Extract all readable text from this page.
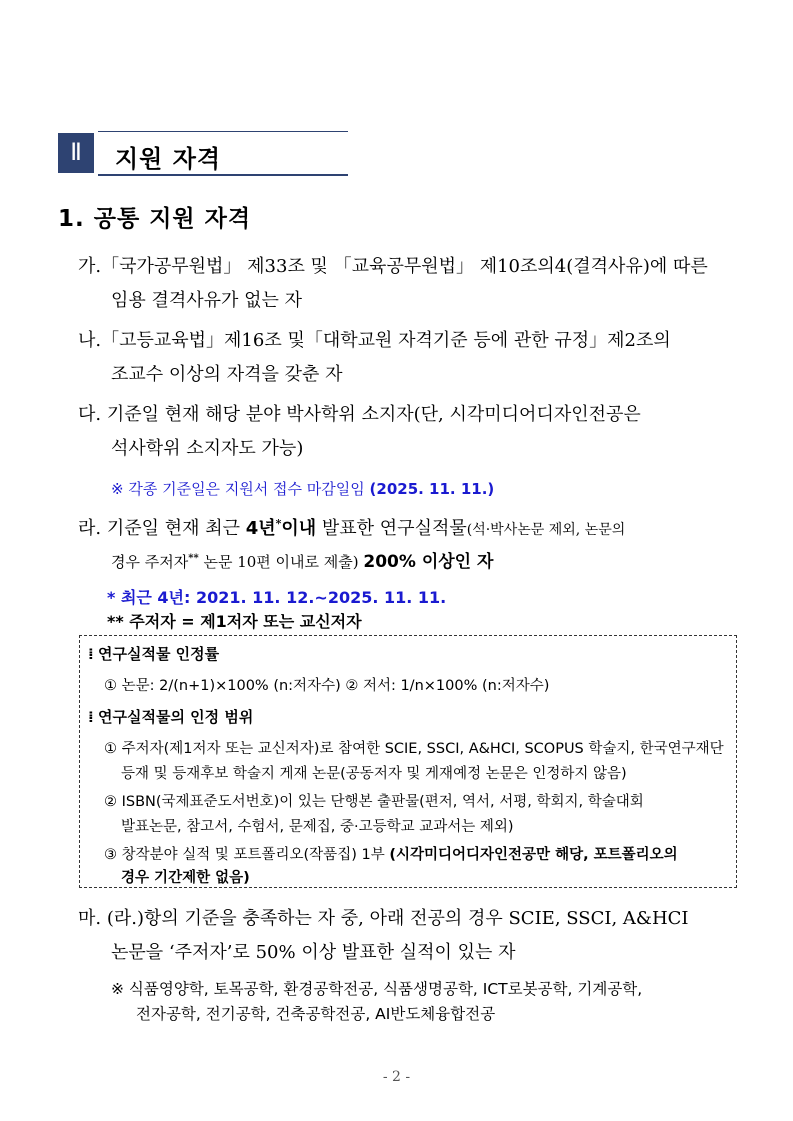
Ⅱ	지원 자격
1. 공통 지원 자격
가.「국가공무원법」 제33조 및 「교육공무원법」 제10조의4(결격사유)에 따른
임용 결격사유가 없는 자
나.「고등교육법」제16조 및「대학교원 자격기준 등에 관한 규정」제2조의
조교수 이상의 자격을 갖춘 자
다. 기준일 현재 해당 분야 박사학위 소지자(단, 시각미디어디자인전공은
석사학위 소지자도 가능)
※ 각종 기준일은 지원서 접수 마감일임 (2025. 11. 11.)
라. 기준일 현재 최근 4년*이내 발표한 연구실적물(석·박사논문 제외, 논문의
경우 주저자** 논문 10편 이내로 제출) 200% 이상인 자
* 최근 4년: 2021. 11. 12.~2025. 11. 11.
** 주저자 = 제1저자 또는 교신저자
⁞ 연구실적물 인정률
① 논문: 2/(n+1)×100% (n:저자수) ② 저서: 1/n×100% (n:저자수)
⁞ 연구실적물의 인정 범위
① 주저자(제1저자 또는 교신저자)로 참여한 SCIE, SSCI, A&HCI, SCOPUS 학술지, 한국연구재단
등재 및 등재후보 학술지 게재 논문(공동저자 및 게재예정 논문은 인정하지 않음)
② ISBN(국제표준도서번호)이 있는 단행본 출판물(편저, 역서, 서평, 학회지, 학술대회
발표논문, 참고서, 수험서, 문제집, 중·고등학교 교과서는 제외)
③ 창작분야 실적 및 포트폴리오(작품집) 1부 (시각미디어디자인전공만 해당, 포트폴리오의
경우 기간제한 없음)
마. (라.)항의 기준을 충족하는 자 중, 아래 전공의 경우 SCIE, SSCI, A&HCI
논문을 ‘주저자’로 50% 이상 발표한 실적이 있는 자
※ 식품영양학, 토목공학, 환경공학전공, 식품생명공학, ICT로봇공학, 기계공학,
전자공학, 전기공학, 건축공학전공, AI반도체융합전공
- 2 -
